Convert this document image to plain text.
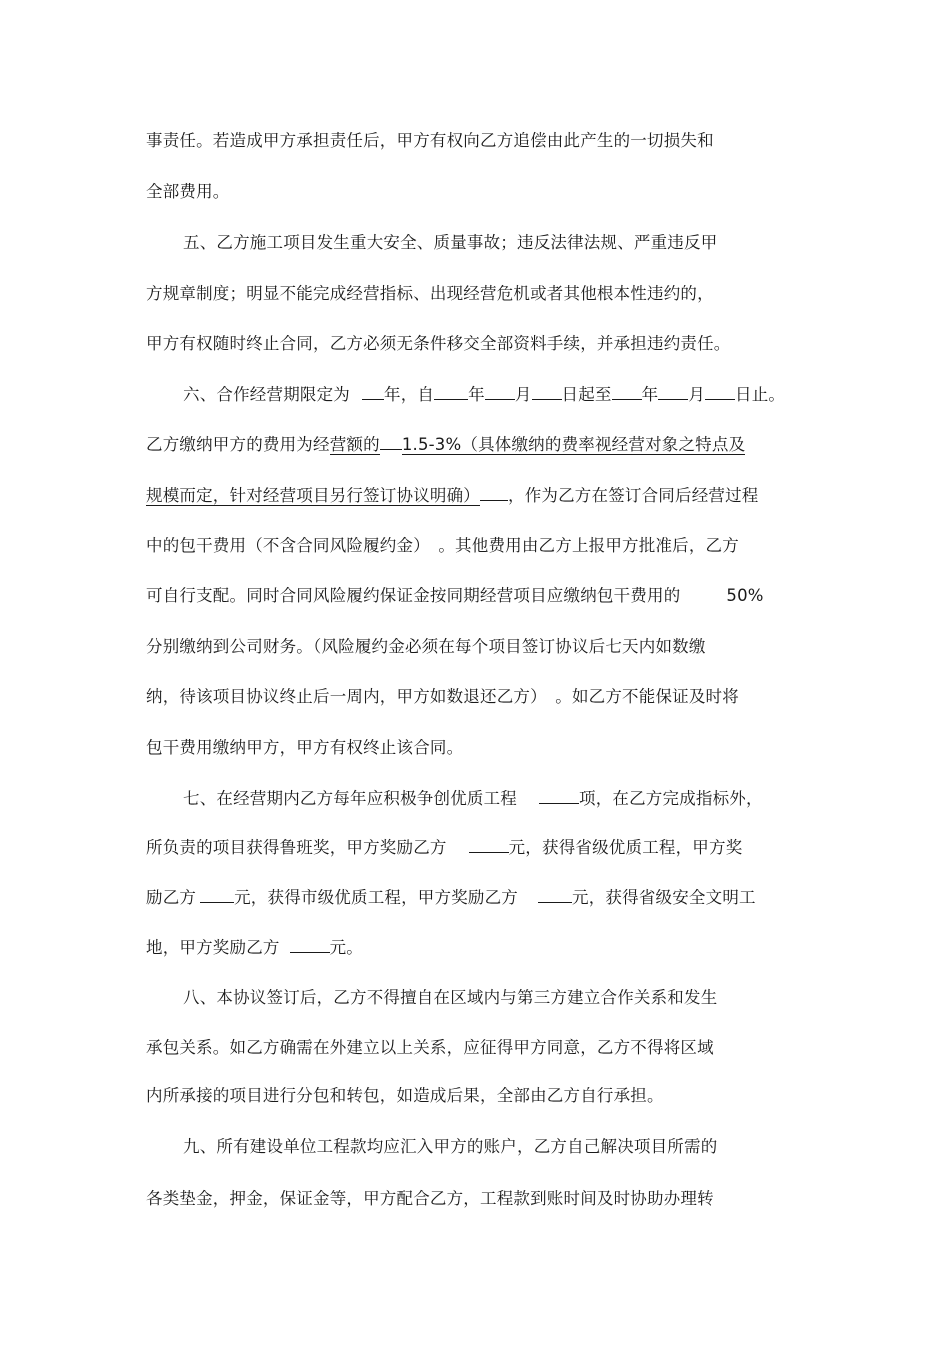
事责任。若造成甲方承担责任后，甲方有权向乙方追偿由此产生的一切损失和
全部费用。
五、乙方施工项目发生重大安全、质量事故；违反法律法规、严重违反甲
方规章制度；明显不能完成经营指标、出现经营危机或者其他根本性违约的，
甲方有权随时终止合同，乙方必须无条件移交全部资料手续，并承担违约责任。
六、合作经营期限定为 年，自 年 月 日起至 年 月 日止。
乙方缴纳甲方的费用为经营额的 1.5-3%（具体缴纳的费率视经营对象之特点及
规模而定，针对经营项目另行签订协议明确） ，作为乙方在签订合同后经营过程
中的包干费用（不含合同风险履约金）　。其他费用由乙方上报甲方批准后，乙方
可自行支配。同时合同风险履约保证金按同期经营项目应缴纳包干费用的	50%
分别缴纳到公司财务。（风险履约金必须在每个项目签订协议后七天内如数缴
纳，待该项目协议终止后一周内，甲方如数退还乙方）　。如乙方不能保证及时将
包干费用缴纳甲方，甲方有权终止该合同。
七、在经营期内乙方每年应积极争创优质工程	项，在乙方完成指标外，
所负责的项目获得鲁班奖，甲方奖励乙方	元，获得省级优质工程，甲方奖
励乙方 元，获得市级优质工程，甲方奖励乙方	元，获得省级安全文明工
地，甲方奖励乙方	元。
八、本协议签订后，乙方不得擅自在区域内与第三方建立合作关系和发生
承包关系。如乙方确需在外建立以上关系，应征得甲方同意，乙方不得将区域
内所承接的项目进行分包和转包，如造成后果，全部由乙方自行承担。
九、所有建设单位工程款均应汇入甲方的账户，乙方自己解决项目所需的
各类垫金，押金，保证金等，甲方配合乙方，工程款到账时间及时协助办理转
